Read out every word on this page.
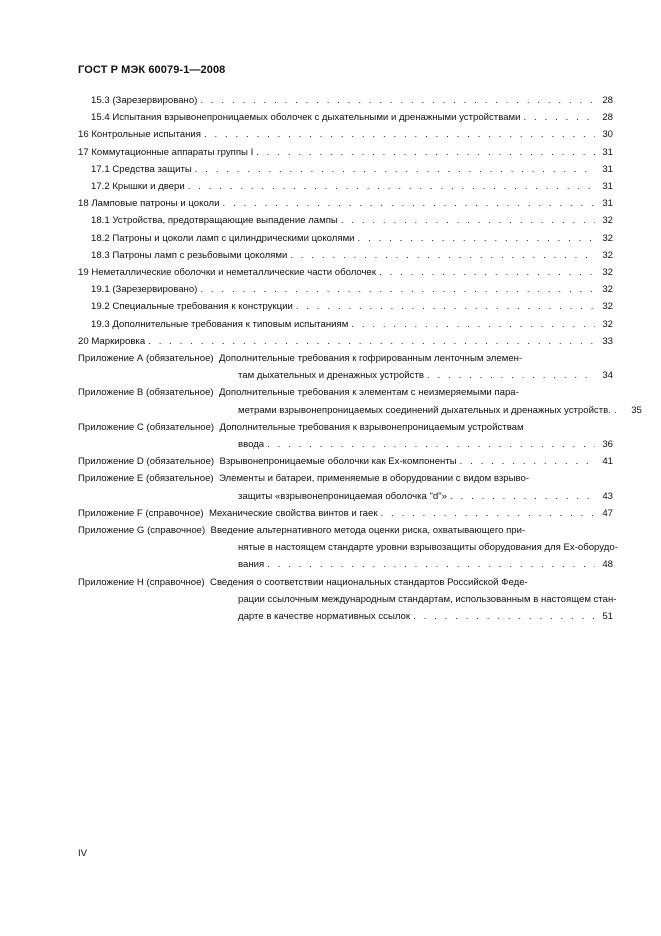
ГОСТ Р МЭК 60079-1—2008
15.3 (Зарезервировано) . . .	28
15.4 Испытания взрывонепроницаемых оболочек с дыхательными и дренажными устройствами . . .	28
16 Контрольные испытания . . .	30
17 Коммутационные аппараты группы I . . .	31
17.1 Средства защиты . . .	31
17.2 Крышки и двери . . .	31
18 Ламповые патроны и цоколи . . .	31
18.1 Устройства, предотвращающие выпадение лампы . . .	32
18.2 Патроны и цоколи ламп с цилиндрическими цоколями . . .	32
18.3 Патроны ламп с резьбовыми цоколями . . .	32
19 Неметаллические оболочки и неметаллические части оболочек . . .	32
19.1 (Зарезервировано) . . .	32
19.2 Специальные требования к конструкции . . .	32
19.3 Дополнительные требования к типовым испытаниям . . .	32
20 Маркировка . . .	33
Приложение А (обязательное)
Дополнительные требования к гофрированным ленточным элемен-
там дыхательных и дренажных устройств . . .	34
Приложение В (обязательное)
Дополнительные требования к элементам с неизмеряемыми пара-
метрами взрывонепроницаемых соединений дыхательных и дренажных устройств. . . .	35
Приложение С (обязательное)
Дополнительные требования к взрывонепроницаемым устройствам
ввода . . .	36
Приложение D (обязательное)
Взрывонепроницаемые оболочки как Ex-компоненты . . .	41
Приложение Е (обязательное)
Элементы и батареи, применяемые в оборудовании с видом взрыво-
защиты «взрывонепроницаемая оболочка "d"» . . .	43
Приложение F (справочное)
Механические свойства винтов и гаек . . .	47
Приложение G (справочное)
Введение альтернативного метода оценки риска, охватывающего при-
нятые в настоящем стандарте уровни взрывозащиты оборудования для Ex-оборудо-
вания . . .	48
Приложение Н (справочное)
Сведения о соответствии национальных стандартов Российской Феде-
рации ссылочным международным стандартам, использованным в настоящем стан-
дарте в качестве нормативных ссылок . . .	51
IV
